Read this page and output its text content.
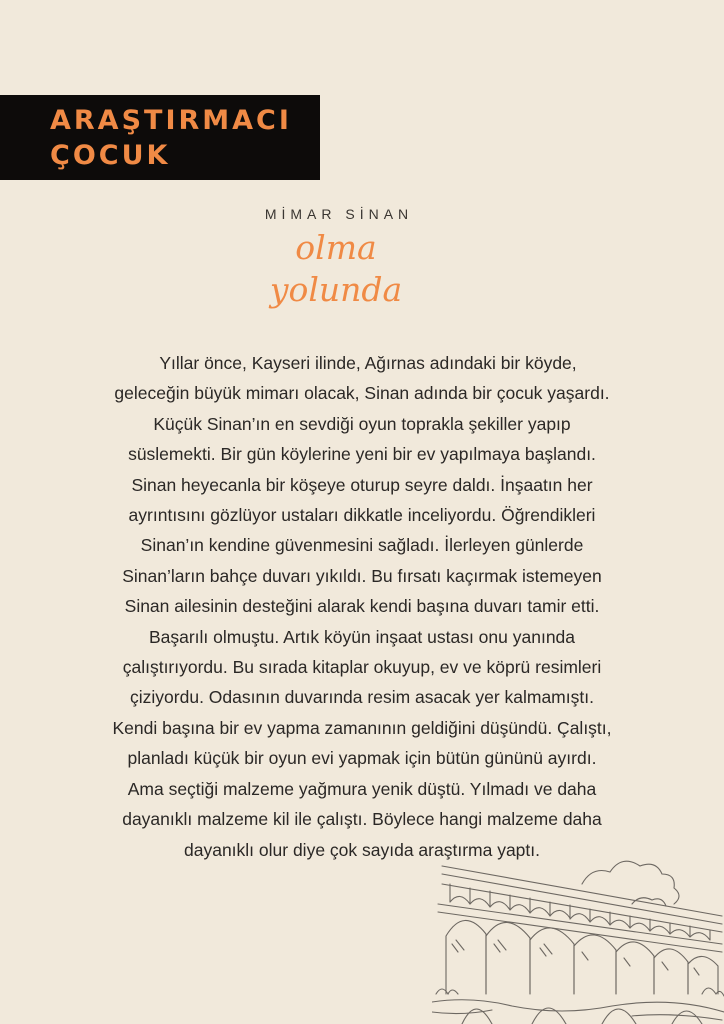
ARAŞTIRMACI
ÇOCUK
MİMAR SİNAN

olma

yolunda

Yıllar önce, Kayseri ilinde, Ağırnas adındaki bir köyde,
geleceğin büyük mimarı olacak, Sinan adında bir çocuk yaşardı.
Küçük Sinan’ın en sevdiği oyun toprakla şekiller yapıp
süslemekti. Bir gün köylerine yeni bir ev yapılmaya başlandı.
Sinan heyecanla bir köşeye oturup seyre daldı. İnşaatın her
ayrıntısını gözlüyor ustaları dikkatle inceliyordu. Öğrendikleri
Sinan’ın kendine güvenmesini sağladı. İlerleyen günlerde
Sinan’ların bahçe duvarı yıkıldı. Bu fırsatı kaçırmak istemeyen
Sinan ailesinin desteğini alarak kendi başına duvarı tamir etti.
Başarılı olmuştu. Artık köyün inşaat ustası onu yanında
çalıştırıyordu. Bu sırada kitaplar okuyup, ev ve köprü resimleri
çiziyordu. Odasının duvarında resim asacak yer kalmamıştı.
Kendi başına bir ev yapma zamanının geldiğini düşündü. Çalıştı,
planladı küçük bir oyun evi yapmak için bütün gününü ayırdı.
Ama seçtiği malzeme yağmura yenik düştü. Yılmadı ve daha
dayanıklı malzeme kil ile çalıştı. Böylece hangi malzeme daha
dayanıklı olur diye çok sayıda araştırma yaptı.
